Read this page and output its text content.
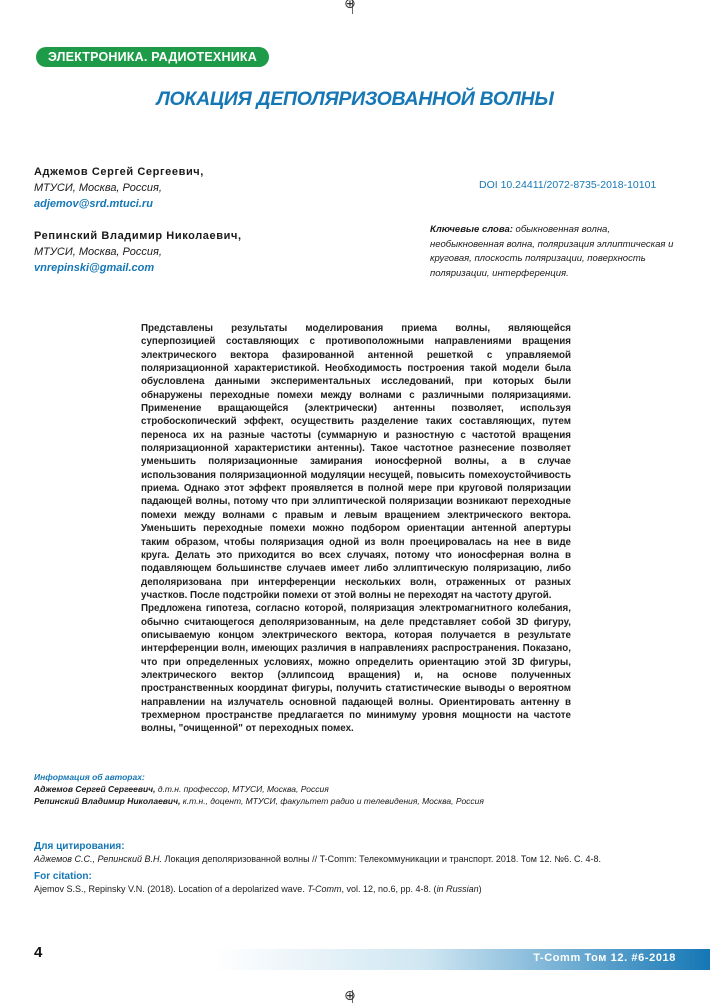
⊕
⊕
ЭЛЕКТРОНИКА. РАДИОТЕХНИКА
ЛОКАЦИЯ ДЕПОЛЯРИЗОВАННОЙ ВОЛНЫ
Аджемов Сергей Сергеевич,
МТУСИ, Москва, Россия,
adjemov@srd.mtuci.ru
Репинский Владимир Николаевич,
МТУСИ, Москва, Россия,
vnrepinski@gmail.com
DOI 10.24411/2072-8735-2018-10101
Ключевые слова: обыкновенная волна, необыкновенная волна, поляризация эллиптическая и круговая, плоскость поляризации, поверхность поляризации, интерференция.

Представлены результаты моделирования приема волны, являющейся суперпозицией составляющих с противоположными направлениями вращения электрического вектора фазированной антенной решеткой с управляемой поляризационной характеристикой. Необходимость построения такой модели была обусловлена данными экспериментальных исследований, при которых были обнаружены переходные помехи между волнами с различными поляризациями. Применение вращающейся (электрически) антенны позволяет, используя стробоскопический эффект, осуществить разделение таких составляющих, путем переноса их на разные частоты (суммарную и разностную с частотой вращения поляризационной характеристики антенны). Такое частотное разнесение позволяет уменьшить поляризационные замирания ионосферной волны, а в случае использования поляризационной модуляции несущей, повысить помехоустойчивость приема. Однако этот эффект проявляется в полной мере при круговой поляризации падающей волны, потому что при эллиптической поляризации возникают переходные помехи между волнами с правым и левым вращением электрического вектора. Уменьшить переходные помехи можно подбором ориентации антенной апертуры таким образом, чтобы поляризация одной из волн проецировалась на нее в виде круга. Делать это приходится во всех случаях, потому что ионосферная волна в подавляющем большинстве случаев имеет либо эллиптическую поляризацию, либо деполяризована при интерференции нескольких волн, отраженных от разных участков. После подстройки помехи от этой волны не переходят на частоту другой.

Предложена гипотеза, согласно которой, поляризация электромагнитного колебания, обычно считающегося деполяризованным, на деле представляет собой 3D фигуру, описываемую концом электрического вектора, которая получается в результате интерференции волн, имеющих различия в направлениях распространения. Показано, что при определенных условиях, можно определить ориентацию этой 3D фигуры, электрического вектор (эллипсоид вращения) и, на основе полученных пространственных координат фигуры, получить статистические выводы о вероятном направлении на излучатель основной падающей волны. Ориентировать антенну в трехмерном пространстве предлагается по минимуму уровня мощности на частоте волны, "очищенной" от переходных помех.

Информация об авторах:
Аджемов Сергей Сергеевич, д.т.н. профессор, МТУСИ, Москва, Россия
Репинский Владимир Николаевич, к.т.н., доцент, МТУСИ, факультет радио и телевидения, Москва, Россия
Для цитирования:
Аджемов С.С., Репинский В.Н. Локация деполяризованной волны // T-Comm: Телекоммуникации и транспорт. 2018. Том 12. №6. С. 4-8.
For citation:
Ajemov S.S., Repinsky V.N. (2018). Location of a depolarized wave. T-Comm, vol. 12, no.6, pp. 4-8. (in Russian)
4	T-Comm Том 12. #6-2018
